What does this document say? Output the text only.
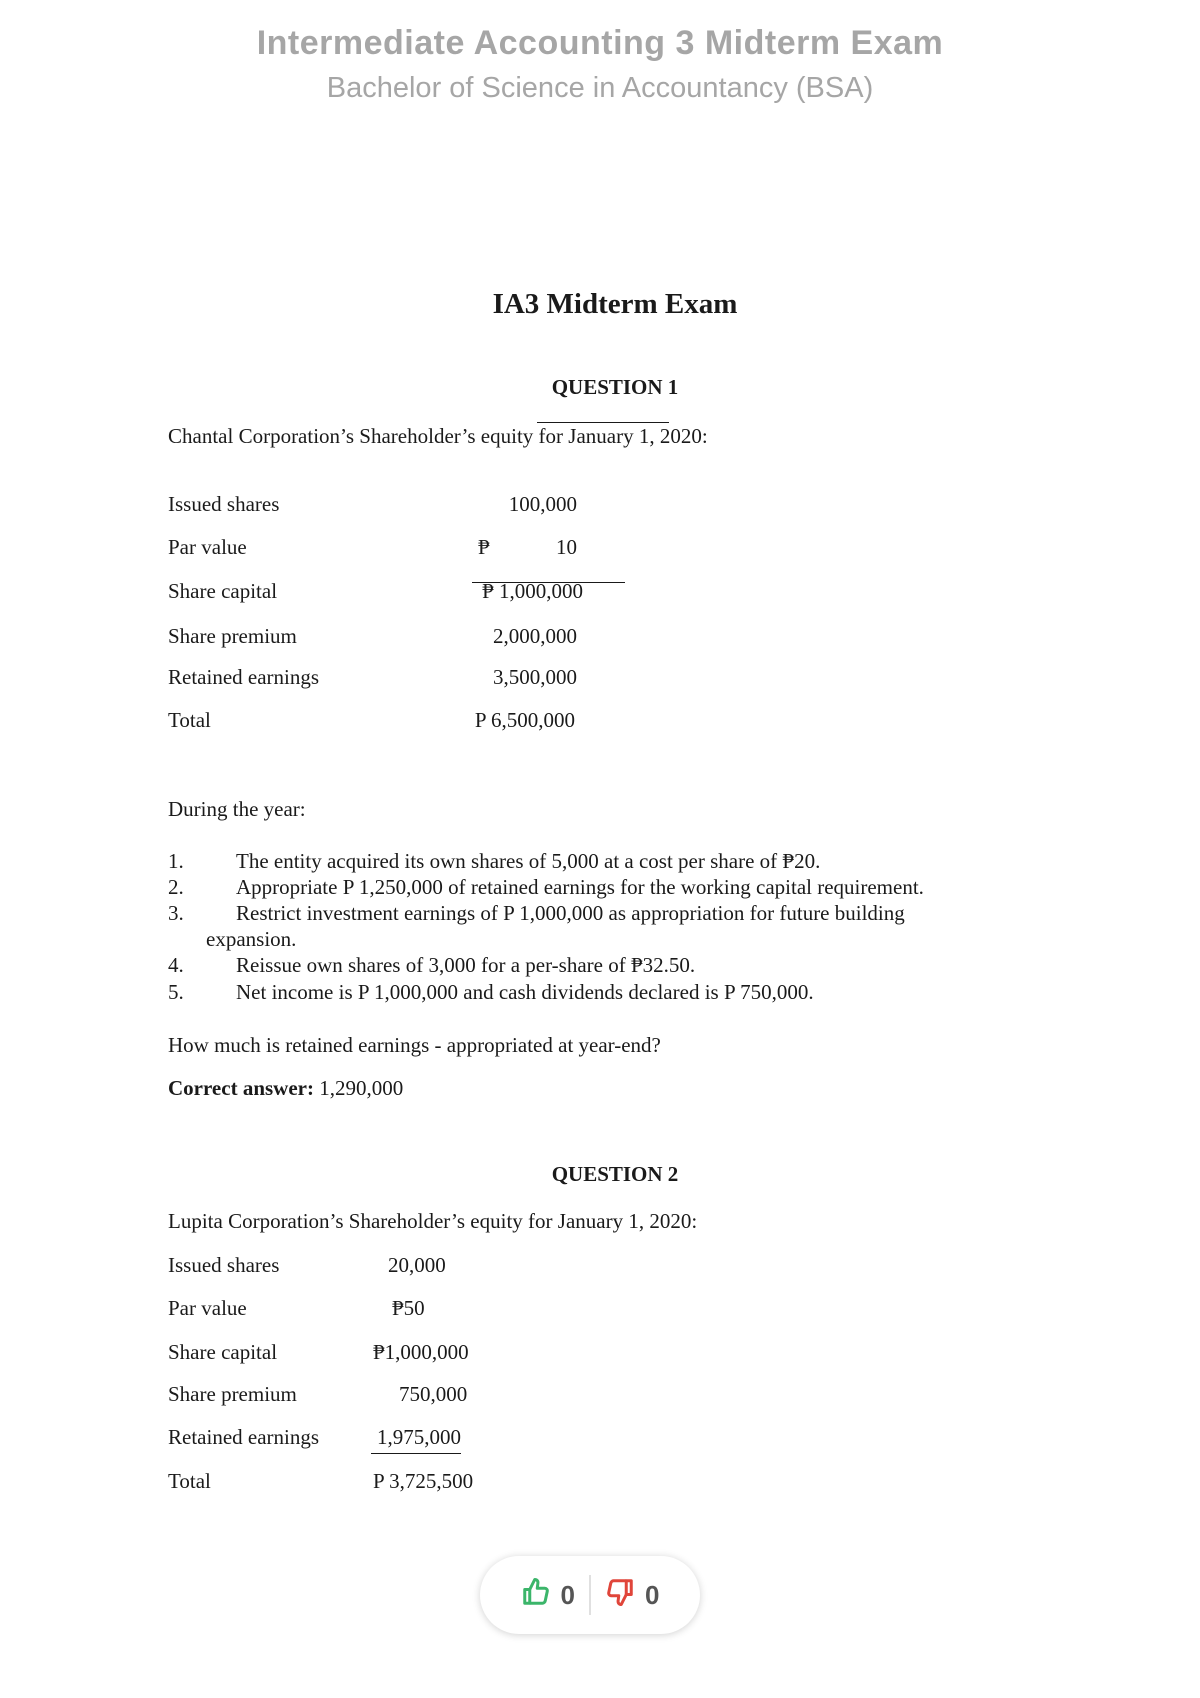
Intermediate Accounting 3 Midterm Exam
Bachelor of Science in Accountancy (BSA)
IA3 Midterm Exam
QUESTION 1
Chantal Corporation’s Shareholder’s equity for January 1, 2020:
Issued shares	100,000
Par value	₱	10
Share capital	₱ 1,000,000
Share premium	2,000,000
Retained earnings	3,500,000
Total	P 6,500,000
During the year:
1. The entity acquired its own shares of 5,000 at a cost per share of ₱20.
2. Appropriate P 1,250,000 of retained earnings for the working capital requirement.
3. Restrict investment earnings of P 1,000,000 as appropriation for future building
expansion.
4. Reissue own shares of 3,000 for a per-share of ₱32.50.
5. Net income is P 1,000,000 and cash dividends declared is P 750,000.
How much is retained earnings - appropriated at year-end?
Correct answer: 1,290,000
QUESTION 2
Lupita Corporation’s Shareholder’s equity for January 1, 2020:
Issued shares	20,000
Par value	₱50
Share capital	₱1,000,000
Share premium	750,000
Retained earnings	1,975,000
Total	P 3,725,500
0	0
